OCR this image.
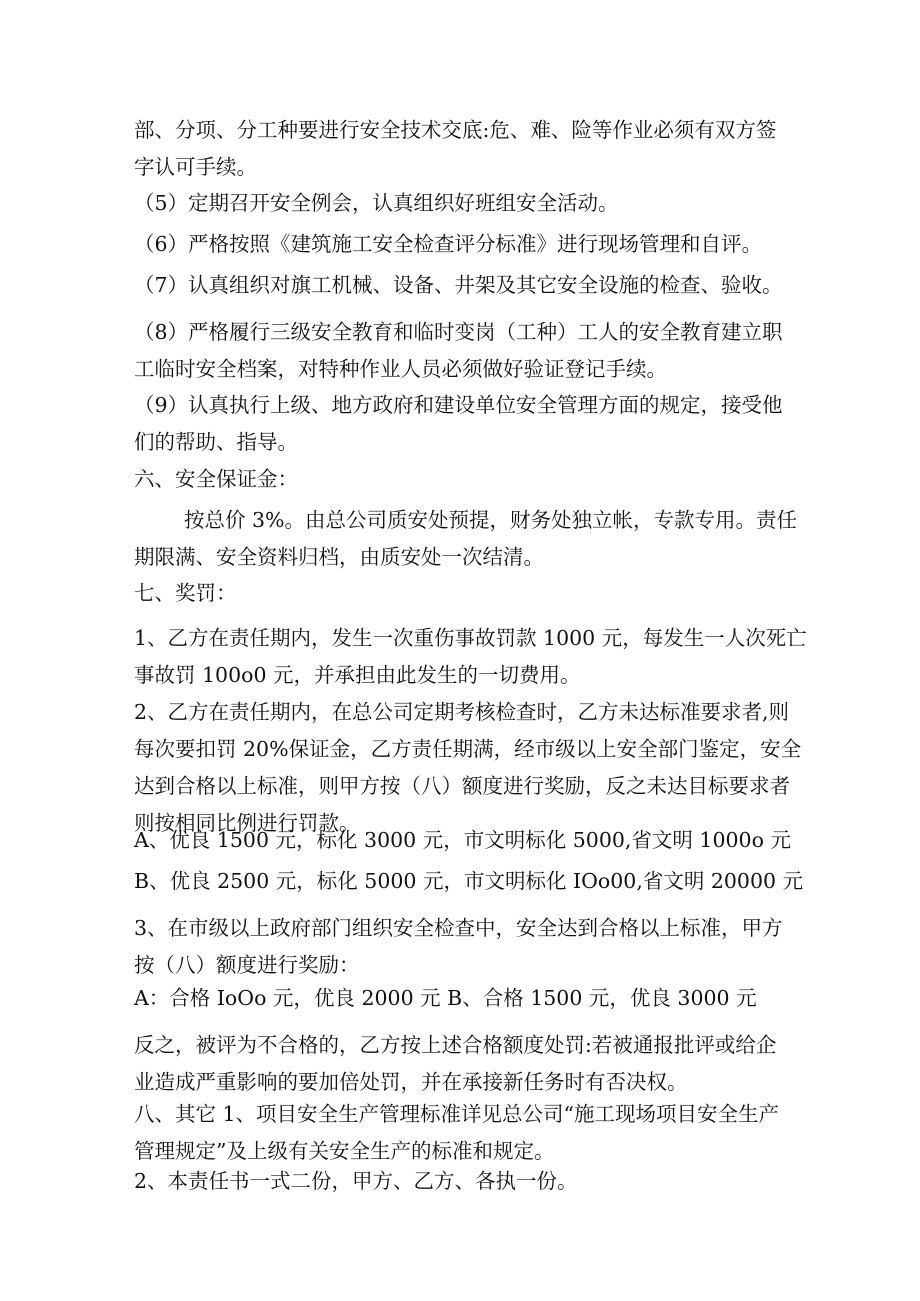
部、分项、分工种要进行安全技术交底:危、难、险等作业必须有双方签
字认可手续。

（5）定期召开安全例会，认真组织好班组安全活动。

（6）严格按照《建筑施工安全检查评分标准》进行现场管理和自评。

（7）认真组织对旗工机械、设备、井架及其它安全设施的检查、验收。

（8）严格履行三级安全教育和临时变岗（工种）工人的安全教育建立职
工临时安全档案，对特种作业人员必须做好验证登记手续。

（9）认真执行上级、地方政府和建设单位安全管理方面的规定，接受他
们的帮助、指导。

六、安全保证金：

按总价 3%。由总公司质安处预提，财务处独立帐，专款专用。责任
期限满、安全资料归档，由质安处一次结清。

七、奖罚：

1、乙方在责任期内，发生一次重伤事故罚款 1000 元，每发生一人次死亡
事故罚 100o0 元，并承担由此发生的一切费用。

2、乙方在责任期内，在总公司定期考核检查时，乙方未达标准要求者,则
每次要扣罚 20%保证金，乙方责任期满，经市级以上安全部门鉴定，安全
达到合格以上标准，则甲方按（八）额度进行奖励，反之未达目标要求者
则按相同比例进行罚款。

A、优良 1500 元，标化 3000 元，市文明标化 5000,省文明 1000o 元

B、优良 2500 元，标化 5000 元，市文明标化 IOo00,省文明 20000 元

3、在市级以上政府部门组织安全检查中，安全达到合格以上标准，甲方
按（八）额度进行奖励：

A：合格 IoOo 元，优良 2000 元 B、合格 1500 元，优良 3000 元

反之，被评为不合格的，乙方按上述合格额度处罚:若被通报批评或给企
业造成严重影响的要加倍处罚，并在承接新任务时有否决权。

八、其它 1、项目安全生产管理标准详见总公司“施工现场项目安全生产
管理规定”及上级有关安全生产的标准和规定。

2、本责任书一式二份，甲方、乙方、各执一份。
